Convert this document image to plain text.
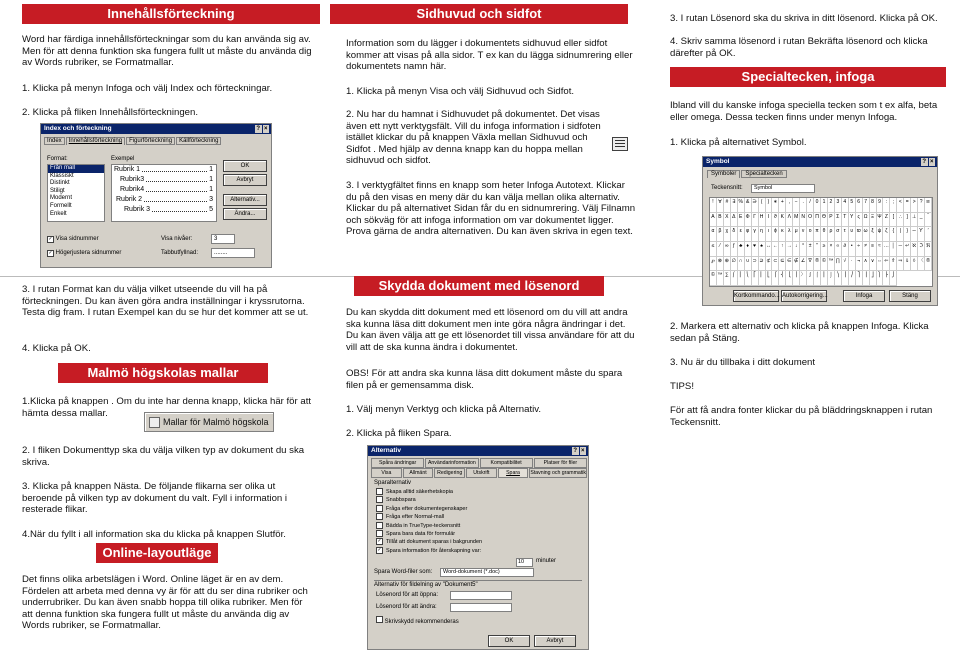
Innehållsförteckning

Word har färdiga innehållsförteckningar som du kan använda sig av. Men för att denna funktion ska fungera fullt ut måste du använda dig av Words rubriker, se Formatmallar.

1. Klicka på menyn Infoga och välj Index och förteckningar.

2. Klicka på fliken Innehållsförteckningen.

Index och förteckning	? ×
Index	Innehållsförteckning	Figurförteckning	Källförteckning
Format:
Från mall
Klassiskt
Distinkt
Stiligt
Modernt
Formellt
Enkelt
Exempel
Rubrik 1	1
Rubrik3	1
Rubrik4	1
Rubrik 2	3
Rubrik 3	5
OK
Avbryt
Alternativ...
Ändra...
✓ Visa sidnummer
✓ Högerjustera sidnummer
Visa nivåer:	3
Tabbutfyllnad:	........

3. I rutan Format kan du välja vilket utseende du vill ha på förteckningen. Du kan även göra andra inställningar i kryssrutorna. Testa dig fram. I rutan Exempel kan du se hur det kommer att se ut.

4. Klicka på OK.

Malmö högskolas mallar

1.Klicka på knappen . Om du inte har denna knapp, klicka här för att hämta dessa mallar.

Mallar för Malmö högskola

2. I fliken Dokumenttyp ska du välja vilken typ av dokument du ska skriva.

3. Klicka på knappen Nästa. De följande flikarna ser olika ut beroende på vilken typ av dokument du valt. Fyll i information i resterade flikar.

4.När du fyllt i all information ska du klicka på knappen Slutför.

Online-layoutläge

Det finns olika arbetslägen i Word. Online läget är en av dem. Fördelen att arbeta med denna vy är för att du ser dina rubriker och underrubriker. Du kan även snabb hoppa till olika rubriker. Men för att denna funktion ska fungera fullt ut måste du använda dig av Words rubriker, se Formatmallar.

Sidhuvud och sidfot

Information som du lägger i dokumentets sidhuvud eller sidfot kommer att visas på alla sidor. T ex kan du lägga sidnumrering eller dokumentets namn här.

1. Klicka på menyn Visa och välj Sidhuvud och Sidfot.

2. Nu har du hamnat i Sidhuvudet på dokumentet. Det visas även ett nytt verktygsfält. Vill du infoga information i sidfoten istället klickar du på knappen Växla mellan Sidhuvud och Sidfot . Med hjälp av denna knapp kan du hoppa mellan sidhuvud och sidfot.

3. I verktygfältet finns en knapp som heter Infoga Autotext. Klickar du på den visas en meny där du kan välja mellan olika alternativ. Klickar du på alternativet Sidan får du en sidnumrering. Välj Filnamn och sökväg för att infoga information om var dokumentet ligger. Prova gärna de andra alternativen. Du kan även skriva in egen text.

Skydda dokument med lösenord

Du kan skydda ditt dokument med ett lösenord om du vill att andra ska kunna läsa ditt dokument men inte göra några ändringar i det. Du kan även välja att ge ett lösenordet till vissa användare för att du vill att de ska kunna ändra i dokumentet.

OBS! För att andra ska kunna läsa ditt dokument måste du spara filen på er gemensamma disk.

1. Välj menyn Verktyg och klicka på Alternativ.

2. Klicka på fliken Spara.

Alternativ	? ×
Spåra ändringar	Användarinformation	Kompatibilitet	Platser för filer
Visa	Allmänt	Redigering	Utskrift	Spara	Stavning och grammatik
Sparalternativ
Skapa alltid säkerhetskopia
Snabbspara
Fråga efter dokumentegenskaper
Fråga efter Normal-mall
Bädda in TrueType-teckensnitt
Spara bara data för formulär
✓ Tillåt att dokument sparas i bakgrunden
✓ Spara information för återskapning var:
10	minuter
Spara Word-filer som:	Word-dokument (*.doc)
Alternativ för fildelning av "Dokument5"
Lösenord för att öppna:
Lösenord för att ändra:
Skrivskydd rekommenderas
OK	Avbryt

3. I rutan Lösenord ska du skriva in ditt lösenord. Klicka på OK.

4. Skriv samma lösenord i rutan Bekräfta lösenord och klicka därefter på OK.

Specialtecken, infoga

Ibland vill du kanske infoga speciella tecken som t ex alfa, beta eller omega. Dessa tecken finns under menyn Infoga.

1. Klicka på alternativet Symbol.

Symbol	? ×
Symboler	Specialtecken
Teckensnitt:	Symbol
! ∀ # ∃ % & ∋ (	) ∗ + , − .	/ 0 1 2 3 4 5 6 7 8 9 :	; < = > ? ≅
Α Β Χ Δ Ε Φ Γ Η Ι ϑ Κ Λ Μ Ν Ο Π Θ Ρ Σ Τ Υ ς Ω Ξ Ψ Ζ [ ∴ ] ⊥ _ ‾
α β χ δ ε φ γ η ι ϕ κ λ μ ν ο π θ ρ σ τ υ ϖ ω ξ ψ ζ {	|	} ∼ ϒ ′
≤	⁄ ∞ ƒ ♣ ♦ ♥ ♠ ↔ ← ↑ → ↓ ° ± ″ ≥ × ∝ ∂ • ÷ ≠ ≡ ≈ … │ ─ ↵ ℵ ℑ ℜ
℘ ⊗ ⊕ ∅ ∩ ∪ ⊃ ⊇ ⊄ ⊂ ⊆ ∈ ∉ ∠ ∇ ® © ™ ∏ √ ⋅ ¬ ∧ ∨ ⇔ ⇐ ⇑ ⇒ ⇓ ◊ 〈 ®
© ™ ∑ ⎛ ⎜ ⎝ ⎡ ⎢ ⎣ ⎧ ⎨ ⎩ ⎪ 〉 ∫ ⌠ ⎮ ⌡ ⎞ ⎟ ⎠ ⎤ ⎥ ⎦ ⎫ ⎬ ⎭
Kortkommando... Autokorrigering...	Infoga	Stäng

2. Markera ett alternativ och klicka på knappen Infoga. Klicka sedan på Stäng.

3. Nu är du tillbaka i ditt dokument

TIPS!

För att få andra fonter klickar du på bläddringsknappen i rutan Teckensnitt.
